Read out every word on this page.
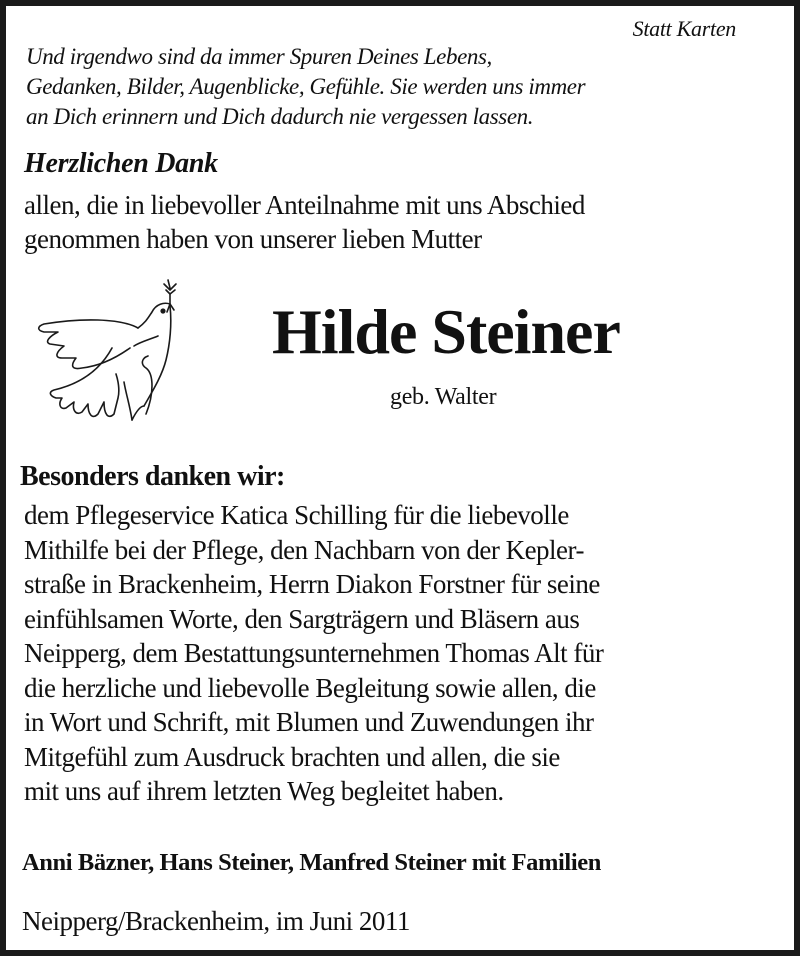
Statt Karten
Und irgendwo sind da immer Spuren Deines Lebens,
Gedanken, Bilder, Augenblicke, Gefühle. Sie werden uns immer
an Dich erinnern und Dich dadurch nie vergessen lassen.
Herzlichen Dank
allen, die in liebevoller Anteilnahme mit uns Abschied
genommen haben von unserer lieben Mutter
Hilde Steiner
geb. Walter
Besonders danken wir:
dem Pflegeservice Katica Schilling für die liebevolle
Mithilfe bei der Pflege, den Nachbarn von der Kepler-
straße in Brackenheim, Herrn Diakon Forstner für seine
einfühlsamen Worte, den Sargträgern und Bläsern aus
Neipperg, dem Bestattungsunternehmen Thomas Alt für
die herzliche und liebevolle Begleitung sowie allen, die
in Wort und Schrift, mit Blumen und Zuwendungen ihr
Mitgefühl zum Ausdruck brachten und allen, die sie
mit uns auf ihrem letzten Weg begleitet haben.
Anni Bäzner, Hans Steiner, Manfred Steiner mit Familien
Neipperg/Brackenheim, im Juni 2011
